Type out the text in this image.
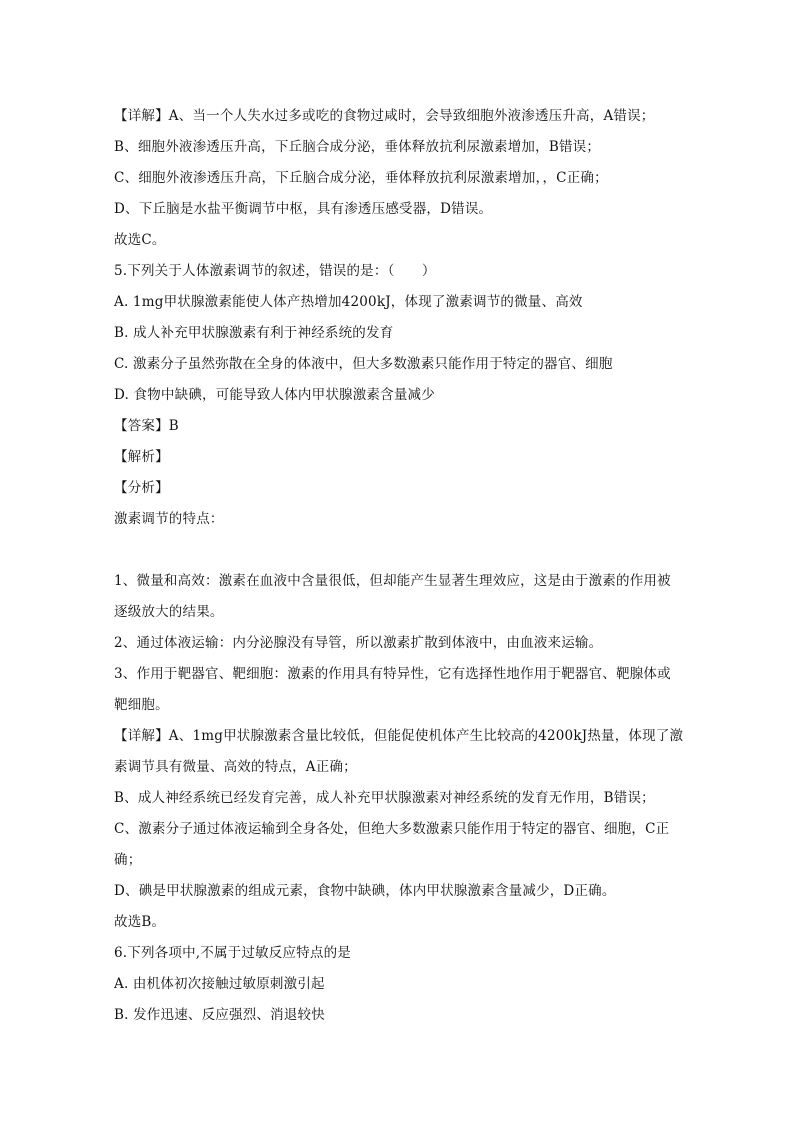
【详解】A、当一个人失水过多或吃的食物过咸时，会导致细胞外液渗透压升高，A错误；
B、细胞外液渗透压升高，下丘脑合成分泌，垂体释放抗利尿激素增加，B错误；
C、细胞外液渗透压升高，下丘脑合成分泌，垂体释放抗利尿激素增加，，C正确；
D、下丘脑是水盐平衡调节中枢，具有渗透压感受器，D错误。
故选C。
5.下列关于人体激素调节的叙述，错误的是：（　　）
A. 1mg甲状腺激素能使人体产热增加4200kJ，体现了激素调节的微量、高效
B. 成人补充甲状腺激素有利于神经系统的发育
C. 激素分子虽然弥散在全身的体液中，但大多数激素只能作用于特定的器官、细胞
D. 食物中缺碘，可能导致人体内甲状腺激素含量减少
【答案】B
【解析】
【分析】
激素调节的特点：
1、微量和高效：激素在血液中含量很低，但却能产生显著生理效应，这是由于激素的作用被
逐级放大的结果。
2、通过体液运输：内分泌腺没有导管，所以激素扩散到体液中，由血液来运输。
3、作用于靶器官、靶细胞：激素的作用具有特异性，它有选择性地作用于靶器官、靶腺体或
靶细胞。
【详解】A、1mg甲状腺激素含量比较低，但能促使机体产生比较高的4200kJ热量，体现了激
素调节具有微量、高效的特点，A正确；
B、成人神经系统已经发育完善，成人补充甲状腺激素对神经系统的发育无作用，B错误；
C、激素分子通过体液运输到全身各处，但绝大多数激素只能作用于特定的器官、细胞，C正
确；
D、碘是甲状腺激素的组成元素，食物中缺碘，体内甲状腺激素含量减少，D正确。
故选B。
6.下列各项中,不属于过敏反应特点的是
A. 由机体初次接触过敏原刺激引起
B. 发作迅速、反应强烈、消退较快
